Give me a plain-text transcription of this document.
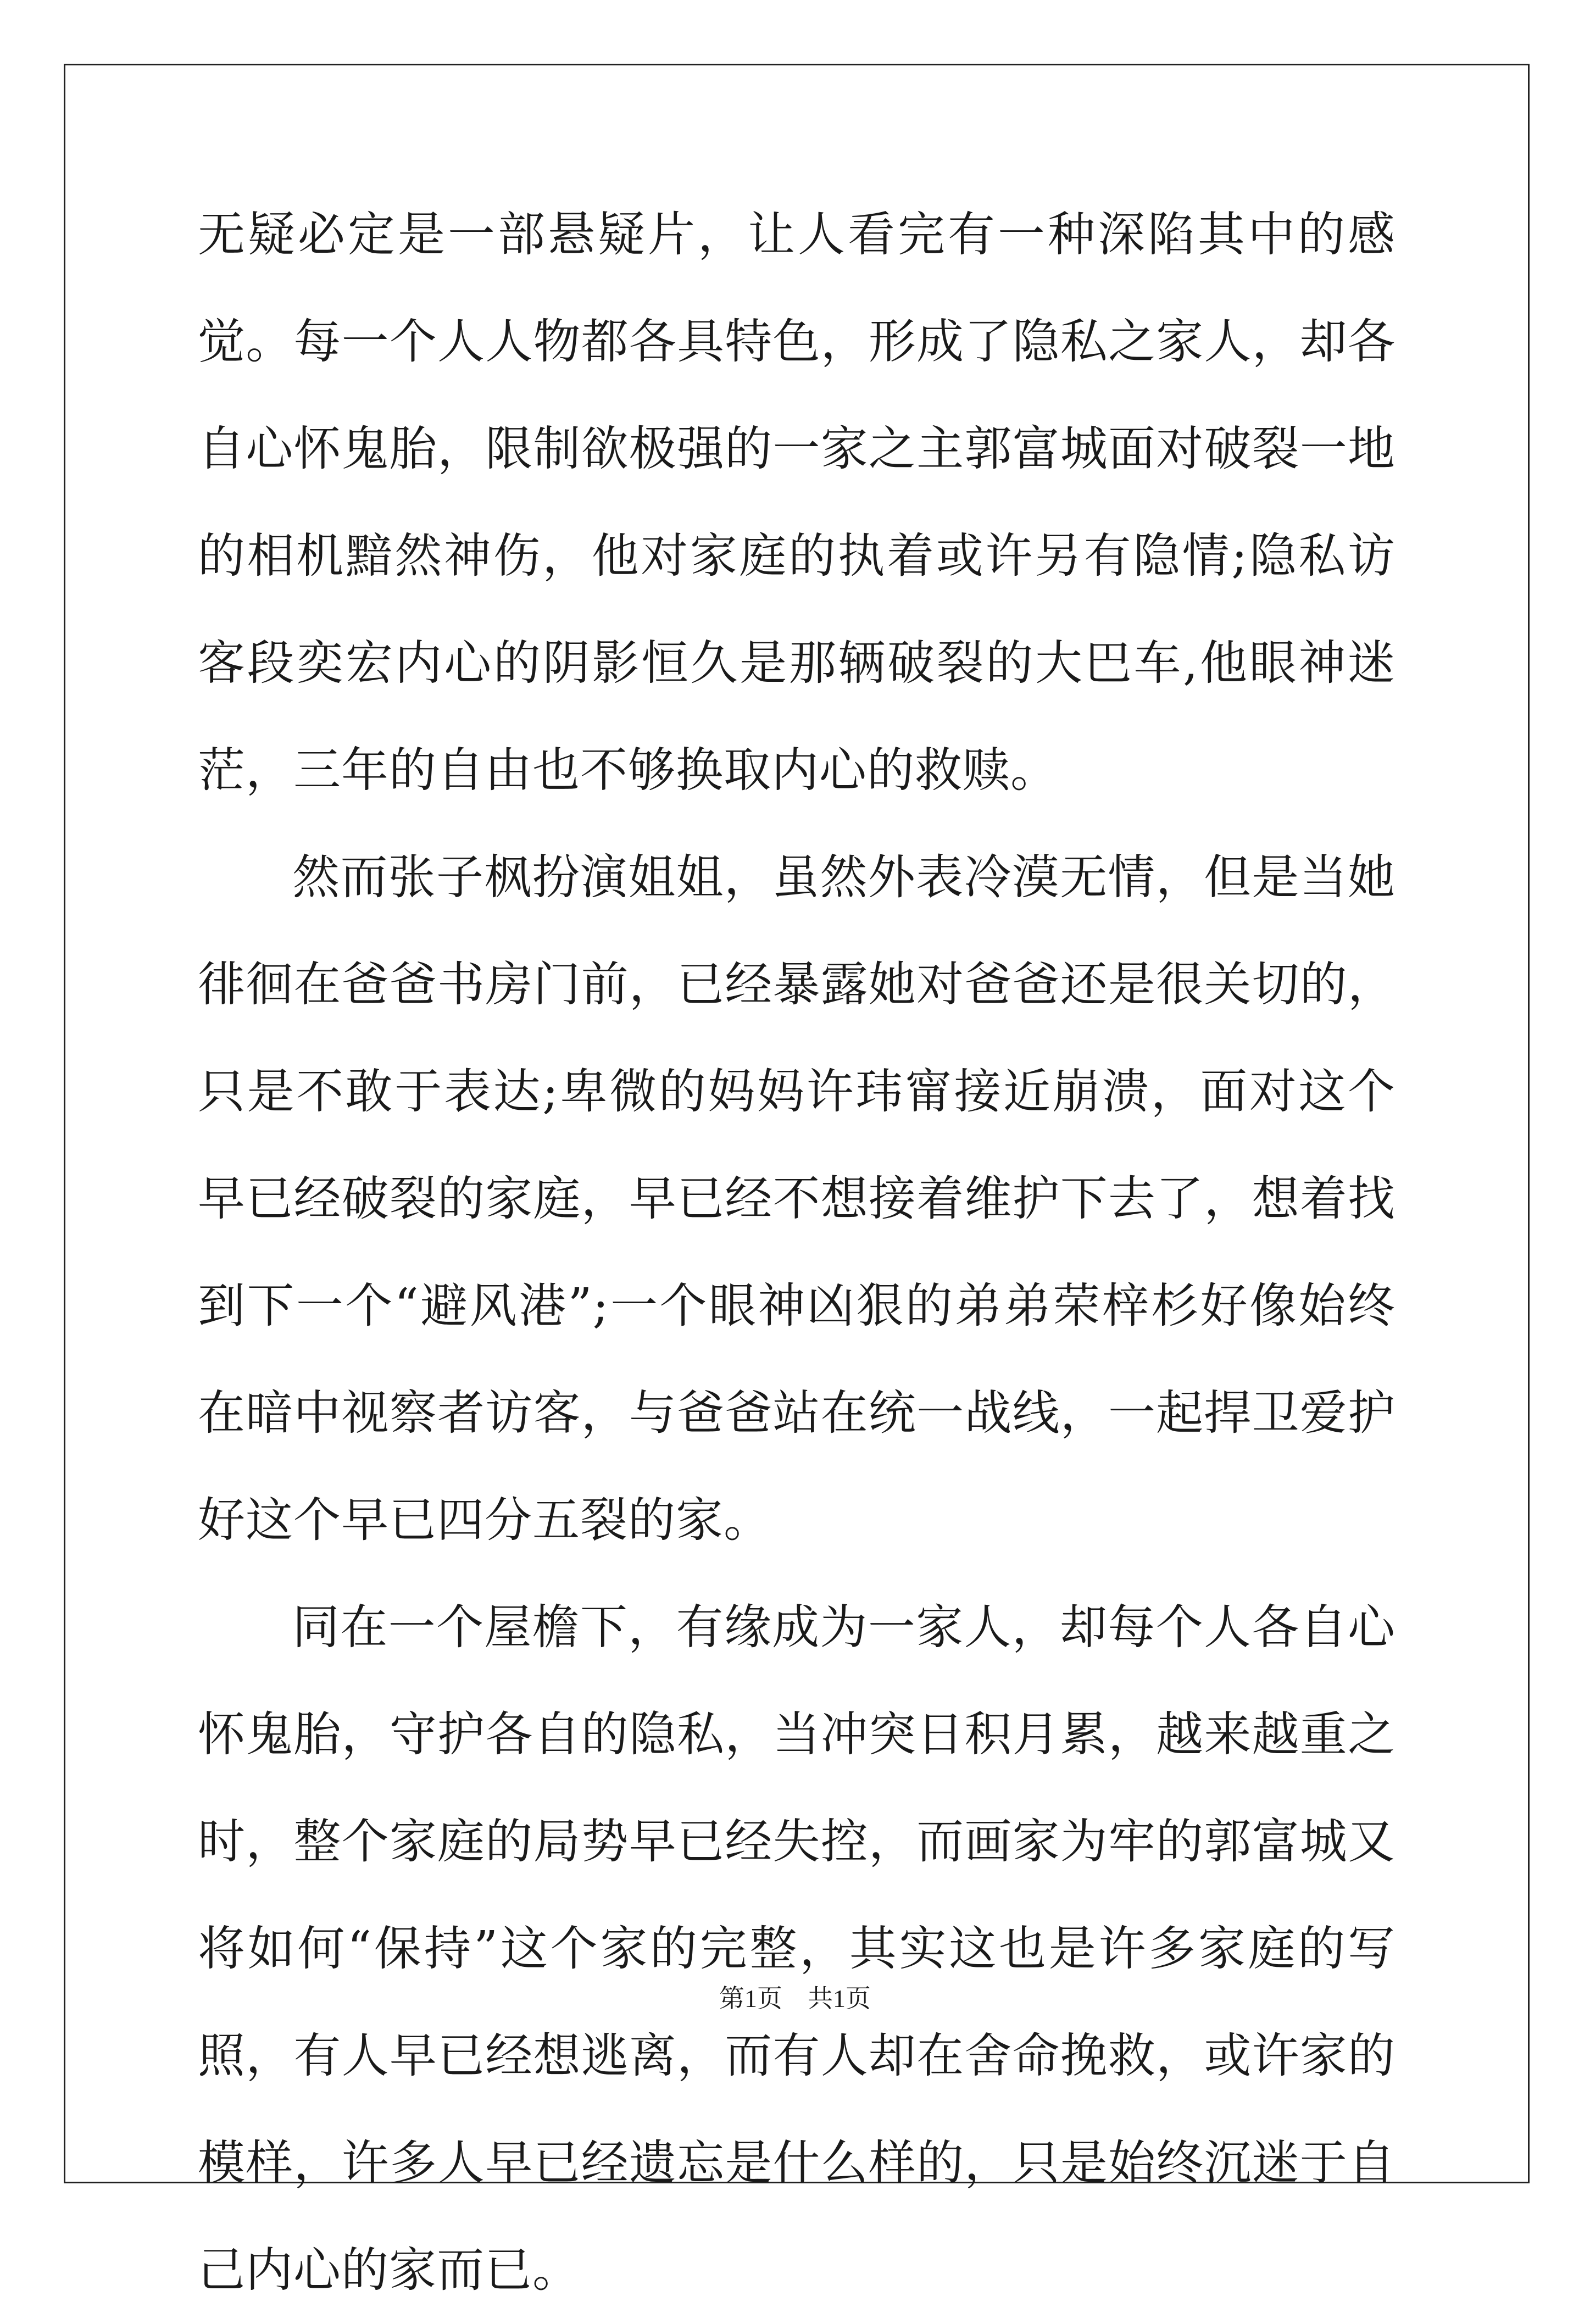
无疑必定是一部悬疑片，让人看完有一种深陷其中的感觉。每一个人人物都各具特色，形成了隐私之家人，却各自心怀鬼胎，限制欲极强的一家之主郭富城面对破裂一地的相机黯然神伤，他对家庭的执着或许另有隐情;隐私访客段奕宏内心的阴影恒久是那辆破裂的大巴车,他眼神迷茫，三年的自由也不够换取内心的救赎。

然而张子枫扮演姐姐，虽然外表冷漠无情，但是当她徘徊在爸爸书房门前，已经暴露她对爸爸还是很关切的，只是不敢于表达;卑微的妈妈许玮甯接近崩溃，面对这个早已经破裂的家庭，早已经不想接着维护下去了，想着找到下一个“避风港”;一个眼神凶狠的弟弟荣梓杉好像始终在暗中视察者访客，与爸爸站在统一战线，一起捍卫爱护好这个早已四分五裂的家。

同在一个屋檐下，有缘成为一家人，却每个人各自心怀鬼胎，守护各自的隐私，当冲突日积月累，越来越重之时，整个家庭的局势早已经失控，而画家为牢的郭富城又将如何“保持”这个家的完整，其实这也是许多家庭的写照，有人早已经想逃离，而有人却在舍命挽救，或许家的模样，许多人早已经遗忘是什么样的，只是始终沉迷于自己内心的家而已。

第1页　共1页
